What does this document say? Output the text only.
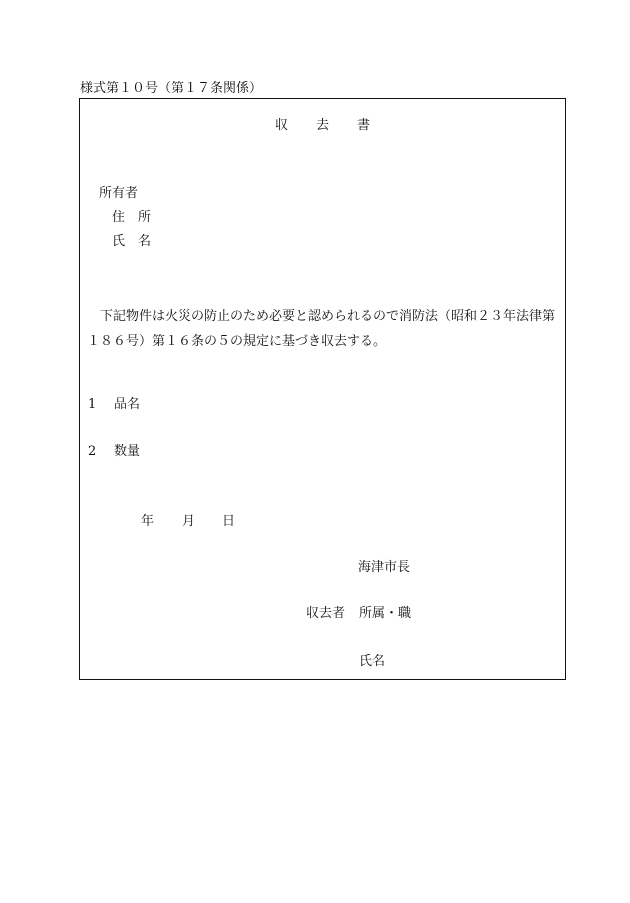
様式第１０号（第１７条関係）
収去書
所有者
住　所
氏　名
下記物件は火災の防止のため必要と認められるので消防法（昭和２３年法律第１８６号）第１６条の５の規定に基づき収去する。
1 品名
2 数量
年 月 日
海津市長
収去者 所属・職
氏名
